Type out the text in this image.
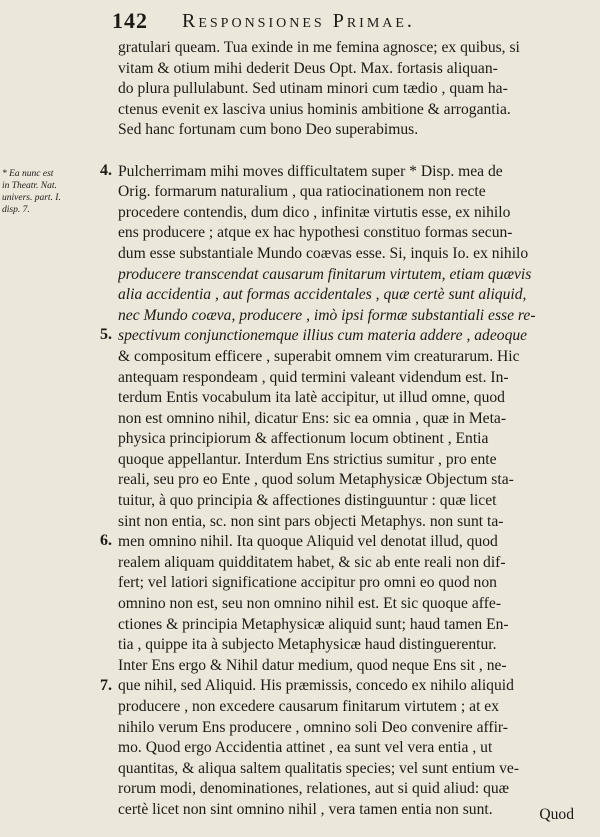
142 Responsiones Primae.
* Ea nunc est
in Theatr. Nat.
univers. part. I.
disp. 7.
4.
5.
6.
7.
gratulari queam. Tua exinde in me femina agnosce; ex quibus, si
vitam & otium mihi dederit Deus Opt. Max. fortasis aliquan-
do plura pullulabunt. Sed utinam minori cum tædio , quam ha-
ctenus evenit ex lasciva unius hominis ambitione & arrogantia.
Sed hanc fortunam cum bono Deo superabimus.
Pulcherrimam mihi moves difficultatem super * Disp. mea de
Orig. formarum naturalium , qua ratiocinationem non recte
procedere contendis, dum dico , infinitæ virtutis esse, ex nihilo
ens producere ; atque ex hac hypothesi constituo formas secun-
dum esse substantiale Mundo coævas esse. Si, inquis Io. ex nihilo
producere transcendat causarum finitarum virtutem, etiam quævis
alia accidentia , aut formas accidentales , quæ certè sunt aliquid,
nec Mundo coæva, producere , imò ipsi formæ substantiali esse re-
spectivum conjunctionemque illius cum materia addere , adeoque
& compositum efficere , superabit omnem vim creaturarum. Hic
antequam respondeam , quid termini valeant videndum est. In-
terdum Entis vocabulum ita latè accipitur, ut illud omne, quod
non est omnino nihil, dicatur Ens: sic ea omnia , quæ in Meta-
physica principiorum & affectionum locum obtinent , Entia
quoque appellantur. Interdum Ens strictius sumitur , pro ente
reali, seu pro eo Ente , quod solum Metaphysicæ Objectum sta-
tuitur, à quo principia & affectiones distinguuntur : quæ licet
sint non entia, sc. non sint pars objecti Metaphys. non sunt ta-
men omnino nihil. Ita quoque Aliquid vel denotat illud, quod
realem aliquam quidditatem habet, & sic ab ente reali non dif-
fert; vel latiori significatione accipitur pro omni eo quod non
omnino non est, seu non omnino nihil est. Et sic quoque affe-
ctiones & principia Metaphysicæ aliquid sunt; haud tamen En-
tia , quippe ita à subjecto Metaphysicæ haud distinguerentur.
Inter Ens ergo & Nihil datur medium, quod neque Ens sit , ne-
que nihil, sed Aliquid. His præmissis, concedo ex nihilo aliquid
producere , non excedere causarum finitarum virtutem ; at ex
nihilo verum Ens producere , omnino soli Deo convenire affir-
mo. Quod ergo Accidentia attinet , ea sunt vel vera entia , ut
quantitas, & aliqua saltem qualitatis species; vel sunt entium ve-
rorum modi, denominationes, relationes, aut si quid aliud: quæ
certè licet non sint omnino nihil , vera tamen entia non sunt.	Quod
